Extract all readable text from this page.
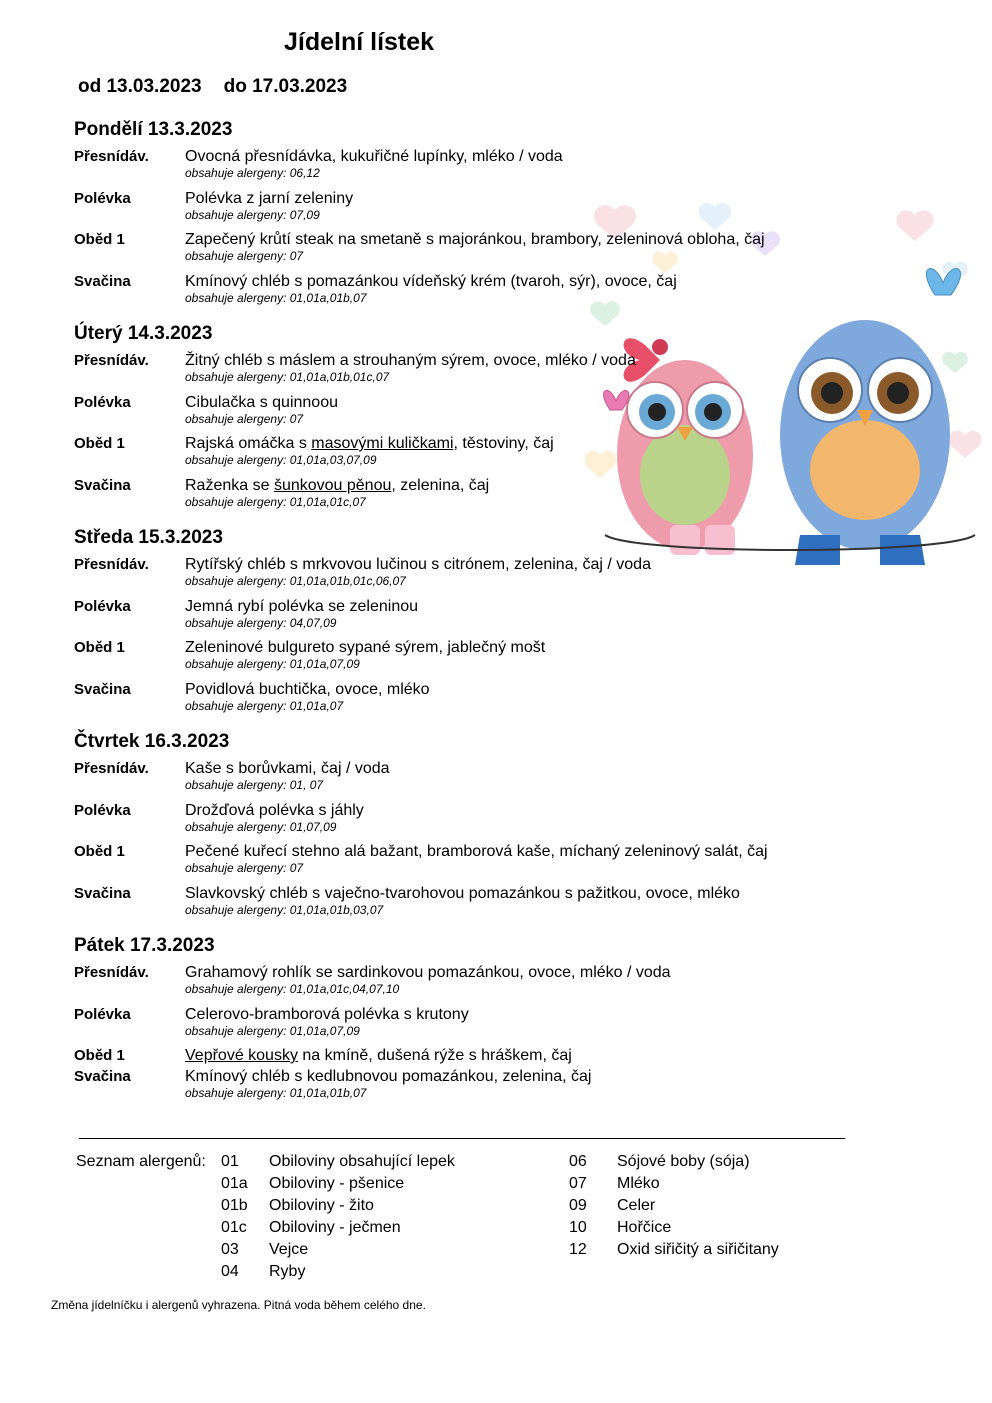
Jídelní lístek
od 13.03.2023 do 17.03.2023
Pondělí 13.3.2023
Přesnídáv. Ovocná přesnídávka, kukuřičné lupínky, mléko / voda
obsahuje alergeny: 06,12
Polévka	Polévka z jarní zeleniny
obsahuje alergeny: 07,09
Oběd 1	Zapečený krůtí steak na smetaně s majoránkou, brambory, zeleninová obloha, čaj
obsahuje alergeny: 07
Svačina	Kmínový chléb s pomazánkou vídeňský krém (tvaroh, sýr), ovoce, čaj
obsahuje alergeny: 01,01a,01b,07
Úterý 14.3.2023
Přesnídáv. Žitný chléb s máslem a strouhaným sýrem, ovoce, mléko / voda
obsahuje alergeny: 01,01a,01b,01c,07
Polévka	Cibulačka s quinnoou
obsahuje alergeny: 07
Oběd 1	Rajská omáčka s masovými kuličkami, těstoviny, čaj
obsahuje alergeny: 01,01a,03,07,09
Svačina	Raženka se šunkovou pěnou, zelenina, čaj
obsahuje alergeny: 01,01a,01c,07
Středa 15.3.2023
Přesnídáv. Rytířský chléb s mrkvovou lučinou s citrónem, zelenina, čaj / voda
obsahuje alergeny: 01,01a,01b,01c,06,07
Polévka	Jemná rybí polévka se zeleninou
obsahuje alergeny: 04,07,09
Oběd 1	Zeleninové bulgureto sypané sýrem, jablečný mošt
obsahuje alergeny: 01,01a,07,09
Svačina	Povidlová buchtička, ovoce, mléko
obsahuje alergeny: 01,01a,07
Čtvrtek 16.3.2023
Přesnídáv. Kaše s borůvkami, čaj / voda
obsahuje alergeny: 01, 07
Polévka	Drožďová polévka s jáhly
obsahuje alergeny: 01,07,09
Oběd 1	Pečené kuřecí stehno alá bažant, bramborová kaše, míchaný zeleninový salát, čaj
obsahuje alergeny: 07
Svačina	Slavkovský chléb s vaječno-tvarohovou pomazánkou s pažitkou, ovoce, mléko
obsahuje alergeny: 01,01a,01b,03,07
Pátek 17.3.2023
Přesnídáv. Grahamový rohlík se sardinkovou pomazánkou, ovoce, mléko / voda
obsahuje alergeny: 01,01a,01c,04,07,10
Polévka	Celerovo-bramborová polévka s krutony
obsahuje alergeny: 01,01a,07,09
Oběd 1	Vepřové kousky na kmíně, dušená rýže s hráškem, čaj
Svačina	Kmínový chléb s kedlubnovou pomazánkou, zelenina, čaj
obsahuje alergeny: 01,01a,01b,07
Seznam alergenů: 01 Obiloviny obsahující lepek
01a Obiloviny - pšenice
01b Obiloviny - žito
01c Obiloviny - ječmen
03 Vejce
04 Ryby
06 Sójové boby (sója)
07 Mléko
09 Celer
10 Hořčice
12 Oxid siřičitý a siřičitany
Změna jídelníčku i alergenů vyhrazena. Pitná voda během celého dne.
